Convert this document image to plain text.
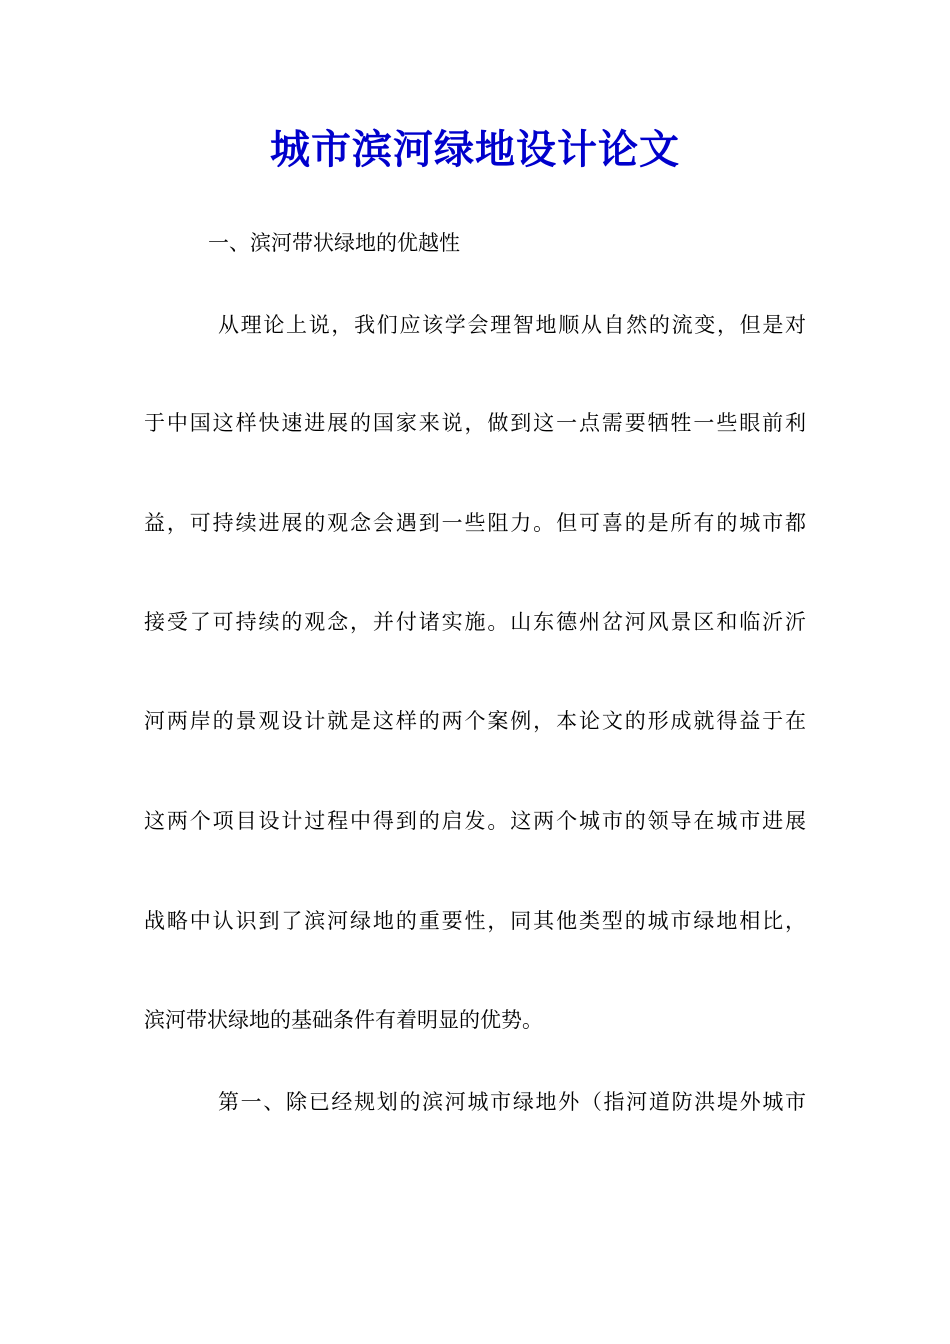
城市滨河绿地设计论文

一、滨河带状绿地的优越性

从理论上说，我们应该学会理智地顺从自然的流变，但是对

于中国这样快速进展的国家来说，做到这一点需要牺牲一些眼前利

益，可持续进展的观念会遇到一些阻力。但可喜的是所有的城市都

接受了可持续的观念，并付诸实施。山东德州岔河风景区和临沂沂

河两岸的景观设计就是这样的两个案例，本论文的形成就得益于在

这两个项目设计过程中得到的启发。这两个城市的领导在城市进展

战略中认识到了滨河绿地的重要性，同其他类型的城市绿地相比，

滨河带状绿地的基础条件有着明显的优势。

第一、除已经规划的滨河城市绿地外（指河道防洪堤外城市
